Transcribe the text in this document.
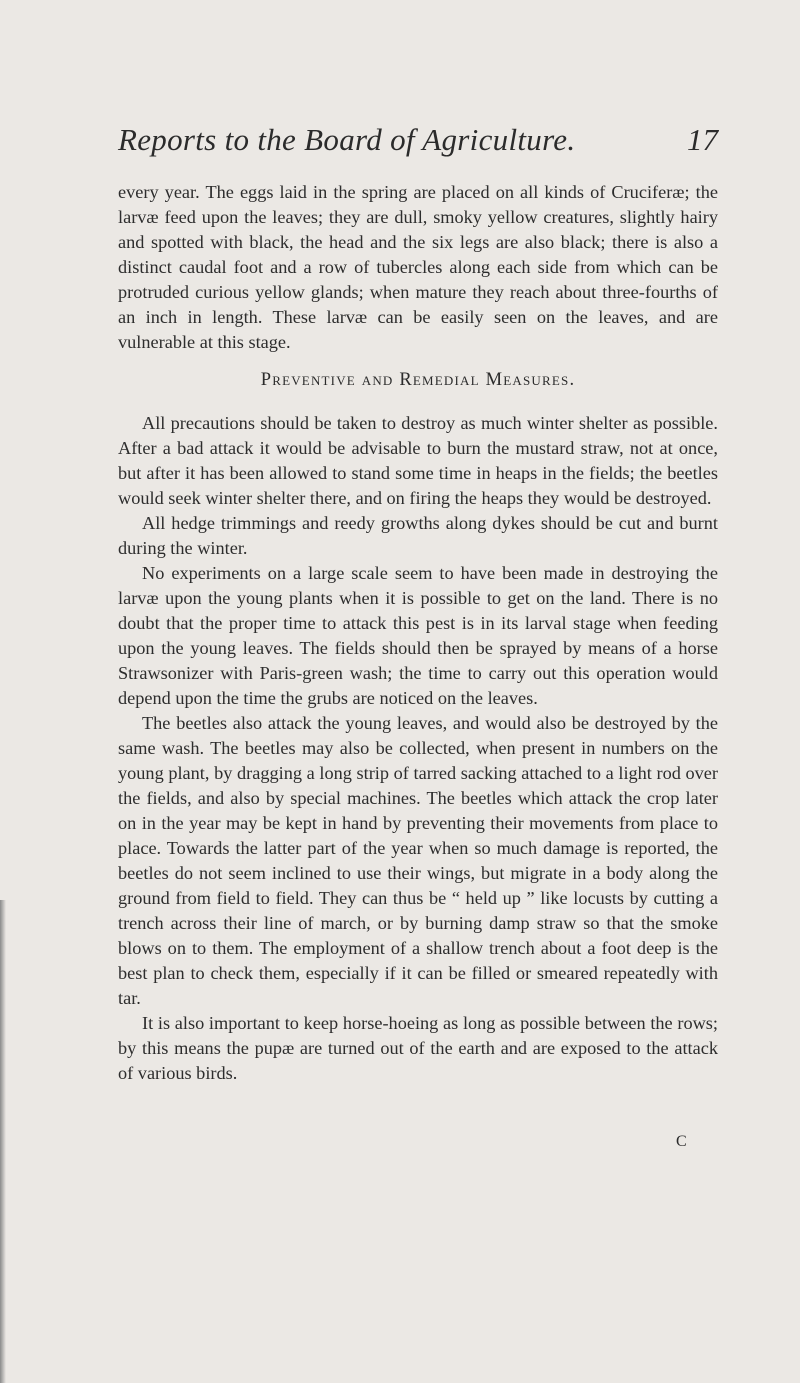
Reports to the Board of Agriculture.	17

every year. The eggs laid in the spring are placed on all kinds of Cruciferæ; the larvæ feed upon the leaves; they are dull, smoky yellow creatures, slightly hairy and spotted with black, the head and the six legs are also black; there is also a distinct caudal foot and a row of tubercles along each side from which can be protruded curious yellow glands; when mature they reach about three-fourths of an inch in length. These larvæ can be easily seen on the leaves, and are vulnerable at this stage.

Preventive and Remedial Measures.

All precautions should be taken to destroy as much winter shelter as possible. After a bad attack it would be advisable to burn the mustard straw, not at once, but after it has been allowed to stand some time in heaps in the fields; the beetles would seek winter shelter there, and on firing the heaps they would be destroyed.

All hedge trimmings and reedy growths along dykes should be cut and burnt during the winter.

No experiments on a large scale seem to have been made in destroying the larvæ upon the young plants when it is possible to get on the land. There is no doubt that the proper time to attack this pest is in its larval stage when feeding upon the young leaves. The fields should then be sprayed by means of a horse Strawsonizer with Paris-green wash; the time to carry out this operation would depend upon the time the grubs are noticed on the leaves.

The beetles also attack the young leaves, and would also be destroyed by the same wash. The beetles may also be collected, when present in numbers on the young plant, by dragging a long strip of tarred sacking attached to a light rod over the fields, and also by special machines. The beetles which attack the crop later on in the year may be kept in hand by preventing their movements from place to place. Towards the latter part of the year when so much damage is reported, the beetles do not seem inclined to use their wings, but migrate in a body along the ground from field to field. They can thus be “ held up ” like locusts by cutting a trench across their line of march, or by burning damp straw so that the smoke blows on to them. The employment of a shallow trench about a foot deep is the best plan to check them, especially if it can be filled or smeared repeatedly with tar.

It is also important to keep horse-hoeing as long as possible between the rows; by this means the pupæ are turned out of the earth and are exposed to the attack of various birds.

C
